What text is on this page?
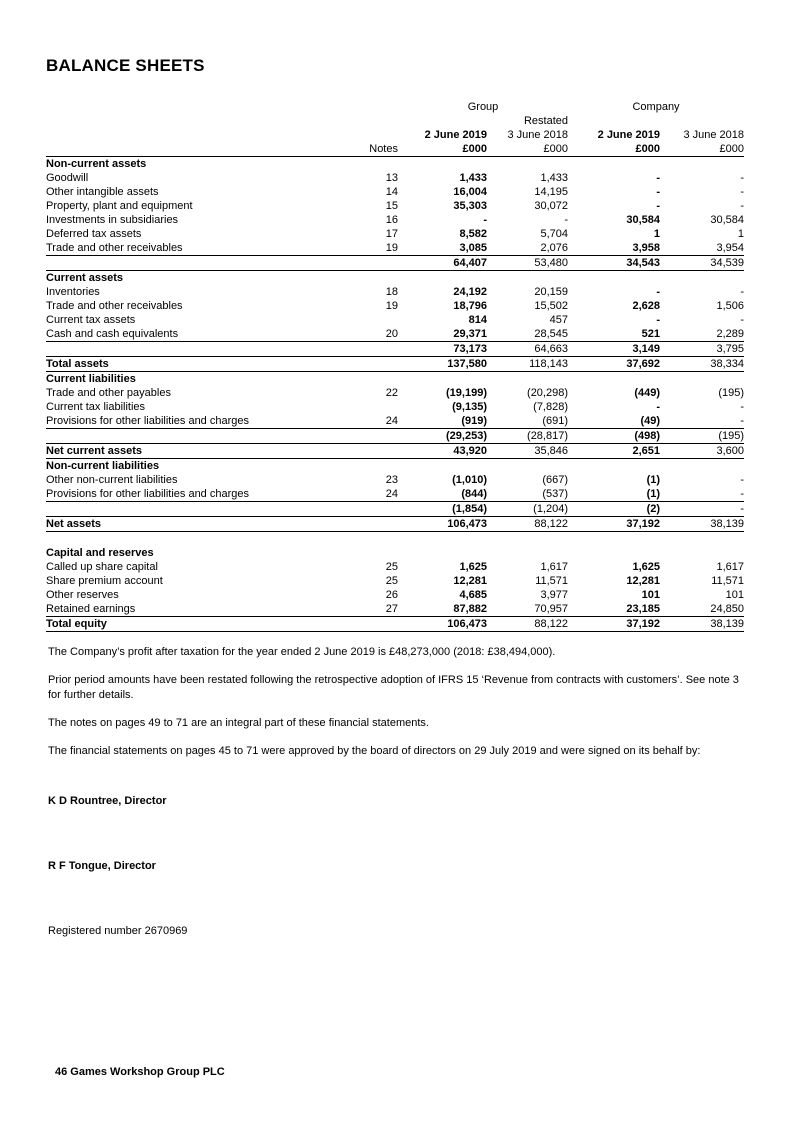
BALANCE SHEETS
		Group		Company	
			Restated		
		2 June 2019	3 June 2018	2 June 2019	3 June 2018
	Notes	£000	£000	£000	£000
Non-current assets					
Goodwill	13	1,433	1,433	-	-
Other intangible assets	14	16,004	14,195	-	-
Property, plant and equipment	15	35,303	30,072	-	-
Investments in subsidiaries	16	-	-	30,584	30,584
Deferred tax assets	17	8,582	5,704	1	1
Trade and other receivables	19	3,085	2,076	3,958	3,954
		64,407	53,480	34,543	34,539
Current assets					
Inventories	18	24,192	20,159	-	-
Trade and other receivables	19	18,796	15,502	2,628	1,506
Current tax assets		814	457	-	-
Cash and cash equivalents	20	29,371	28,545	521	2,289
		73,173	64,663	3,149	3,795
Total assets		137,580	118,143	37,692	38,334
Current liabilities					
Trade and other payables	22	(19,199)	(20,298)	(449)	(195)
Current tax liabilities		(9,135)	(7,828)	-	-
Provisions for other liabilities and charges	24	(919)	(691)	(49)	-
		(29,253)	(28,817)	(498)	(195)
Net current assets		43,920	35,846	2,651	3,600
Non-current liabilities					
Other non-current liabilities	23	(1,010)	(667)	(1)	-
Provisions for other liabilities and charges	24	(844)	(537)	(1)	-
		(1,854)	(1,204)	(2)	-
Net assets		106,473	88,122	37,192	38,139

Capital and reserves					
Called up share capital	25	1,625	1,617	1,625	1,617
Share premium account	25	12,281	11,571	12,281	11,571
Other reserves	26	4,685	3,977	101	101
Retained earnings	27	87,882	70,957	23,185	24,850
Total equity		106,473	88,122	37,192	38,139

The Company’s profit after taxation for the year ended 2 June 2019 is £48,273,000 (2018: £38,494,000).

Prior period amounts have been restated following the retrospective adoption of IFRS 15 ‘Revenue from contracts with customers’. See note 3 for further details.

The notes on pages 49 to 71 are an integral part of these financial statements.

The financial statements on pages 45 to 71 were approved by the board of directors on 29 July 2019 and were signed on its behalf by:

K D Rountree, Director

R F Tongue, Director

Registered number 2670969

46 Games Workshop Group PLC
